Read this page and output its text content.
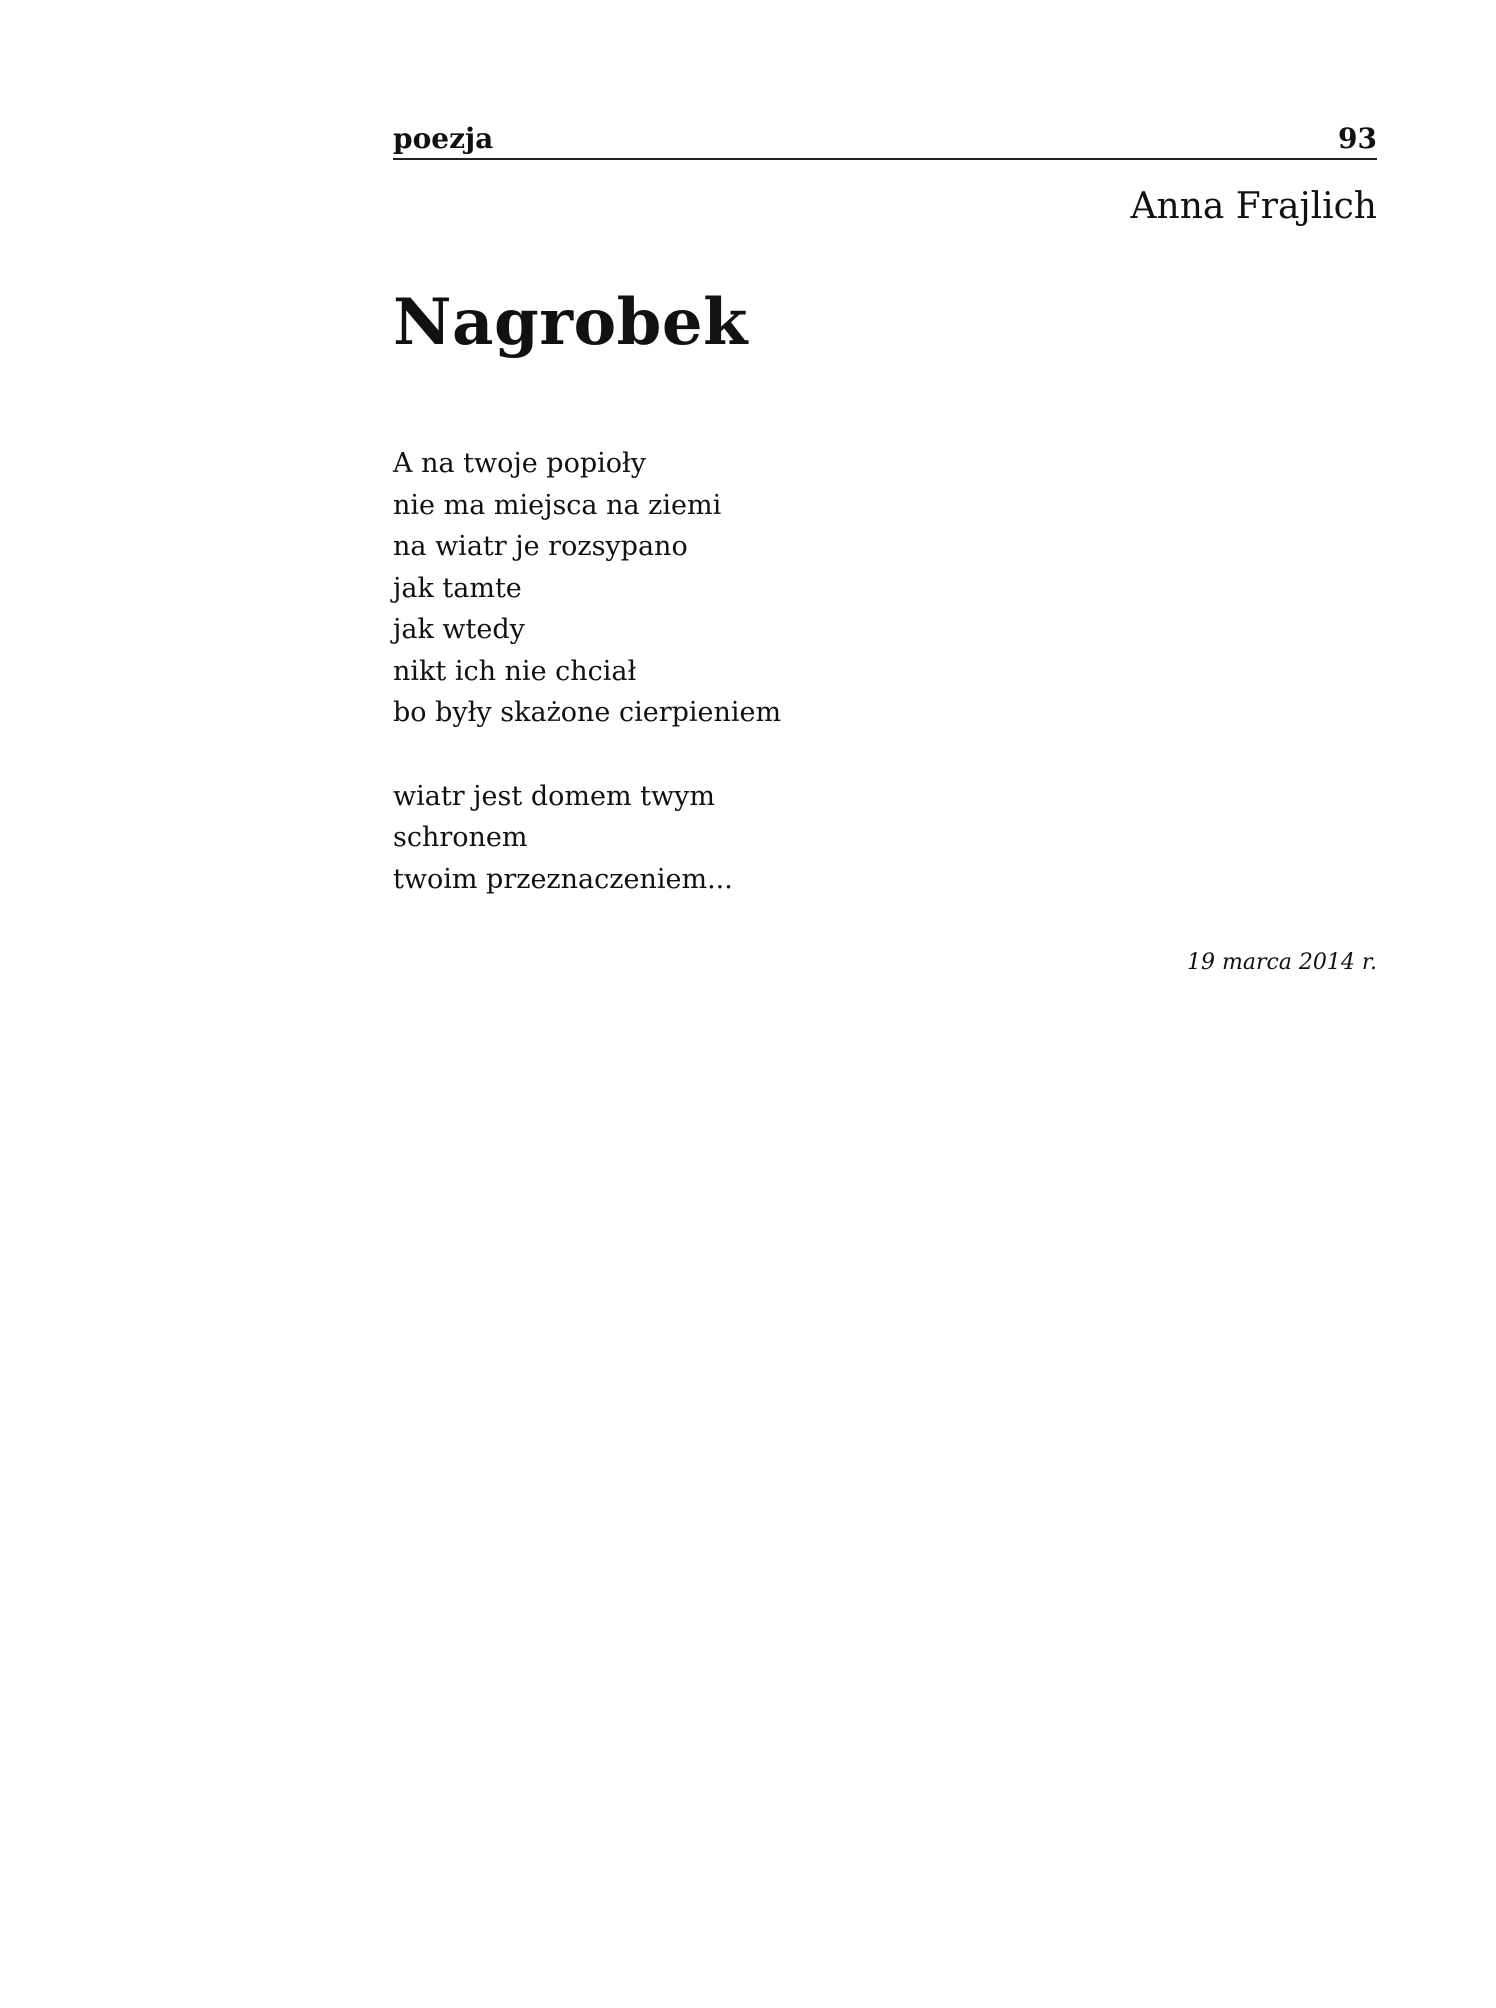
poezja	93
Anna Frajlich
Nagrobek
A na twoje popioły
nie ma miejsca na ziemi
na wiatr je rozsypano
jak tamte
jak wtedy
nikt ich nie chciał
bo były skażone cierpieniem
wiatr jest domem twym
schronem
twoim przeznaczeniem...
19 marca 2014 r.
